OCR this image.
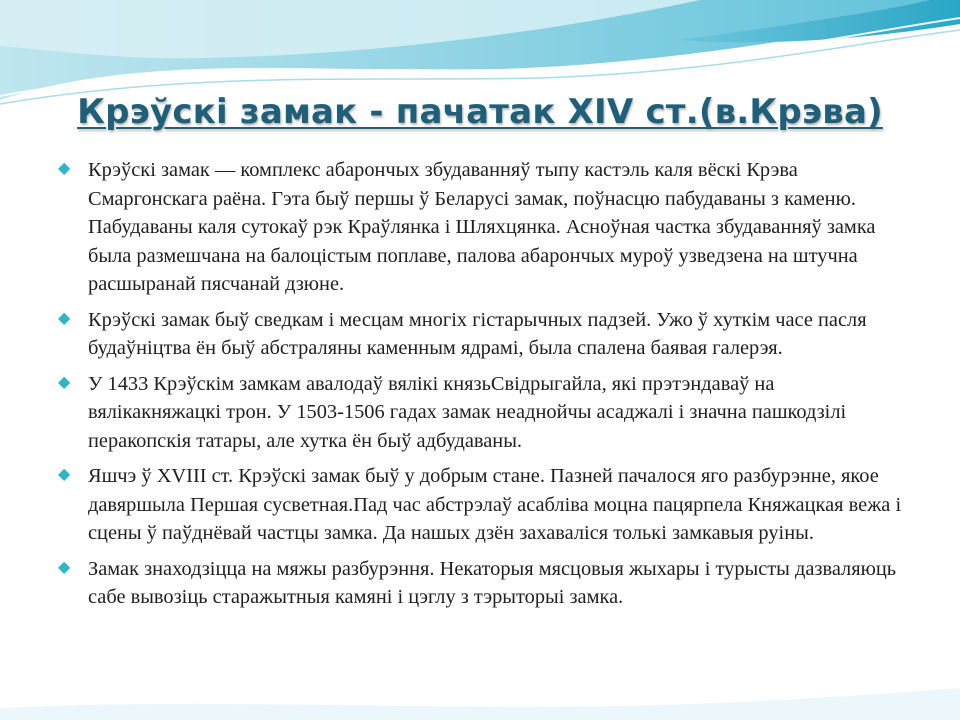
Крэўскі замак - пачатак XIV ст.(в.Крэва)
◆ Крэўскі замак — комплекс абарончых збудаванняў тыпу кастэль каля вёскі Крэва Смаргонскага раёна. Гэта быў першы ў Беларусі замак, поўнасцю пабудаваны з каменю. Пабудаваны каля сутокаў рэк Краўлянка і Шляхцянка. Асноўная частка збудаванняў замка была размешчана на балоцістым поплаве, палова абарончых муроў узведзена на штучна расшыранай пясчанай дзюне.
◆ Крэўскі замак быў сведкам і месцам многіх гістарычных падзей. Ужо ў хуткім часе пасля будаўніцтва ён быў абстраляны каменным ядрамі, была спалена баявая галерэя.
◆ У 1433 Крэўскім замкам авалодаў вялікі князьСвідрыгайла, які прэтэндаваў на вялікакняжацкі трон. У 1503-1506 гадах замак неаднойчы асаджалі і значна пашкодзілі перакопскія татары, але хутка ён быў адбудаваны.
◆ Яшчэ ў XVIII ст. Крэўскі замак быў у добрым стане. Пазней пачалося яго разбурэнне, якое давяршыла Першая сусветная.Пад час абстрэлаў асабліва моцна пацярпела Княжацкая вежа і сцены ў паўднёвай частцы замка. Да нашых дзён захаваліся толькі замкавыя руіны.
◆ Замак знаходзіцца на мяжы разбурэння. Некаторыя мясцовыя жыхары і турысты дазваляюць сабе вывозіць старажытныя камяні і цэглу з тэрыторыі замка.
